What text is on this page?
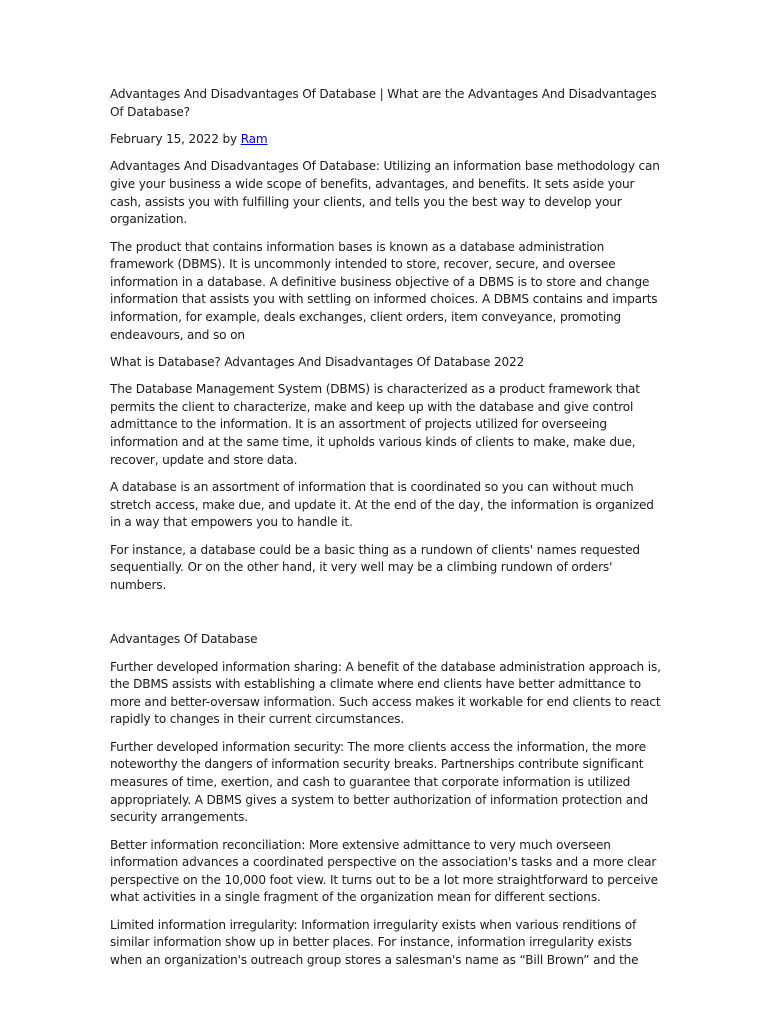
Advantages And Disadvantages Of Database | What are the Advantages And Disadvantages Of Database?

February 15, 2022 by Ram

Advantages And Disadvantages Of Database: Utilizing an information base methodology can give your business a wide scope of benefits, advantages, and benefits. It sets aside your cash, assists you with fulfilling your clients, and tells you the best way to develop your organization.

The product that contains information bases is known as a database administration framework (DBMS). It is uncommonly intended to store, recover, secure, and oversee information in a database. A definitive business objective of a DBMS is to store and change information that assists you with settling on informed choices. A DBMS contains and imparts information, for example, deals exchanges, client orders, item conveyance, promoting endeavours, and so on

What is Database? Advantages And Disadvantages Of Database 2022

The Database Management System (DBMS) is characterized as a product framework that permits the client to characterize, make and keep up with the database and give control admittance to the information. It is an assortment of projects utilized for overseeing information and at the same time, it upholds various kinds of clients to make, make due, recover, update and store data.

A database is an assortment of information that is coordinated so you can without much stretch access, make due, and update it. At the end of the day, the information is organized in a way that empowers you to handle it.

For instance, a database could be a basic thing as a rundown of clients' names requested sequentially. Or on the other hand, it very well may be a climbing rundown of orders' numbers.

Advantages Of Database

Further developed information sharing: A benefit of the database administration approach is, the DBMS assists with establishing a climate where end clients have better admittance to more and better-oversaw information. Such access makes it workable for end clients to react rapidly to changes in their current circumstances.

Further developed information security: The more clients access the information, the more noteworthy the dangers of information security breaks. Partnerships contribute significant measures of time, exertion, and cash to guarantee that corporate information is utilized appropriately. A DBMS gives a system to better authorization of information protection and security arrangements.

Better information reconciliation: More extensive admittance to very much overseen information advances a coordinated perspective on the association's tasks and a more clear perspective on the 10,000 foot view. It turns out to be a lot more straightforward to perceive what activities in a single fragment of the organization mean for different sections.

Limited information irregularity: Information irregularity exists when various renditions of similar information show up in better places. For instance, information irregularity exists when an organization's outreach group stores a salesman's name as “Bill Brown” and the
